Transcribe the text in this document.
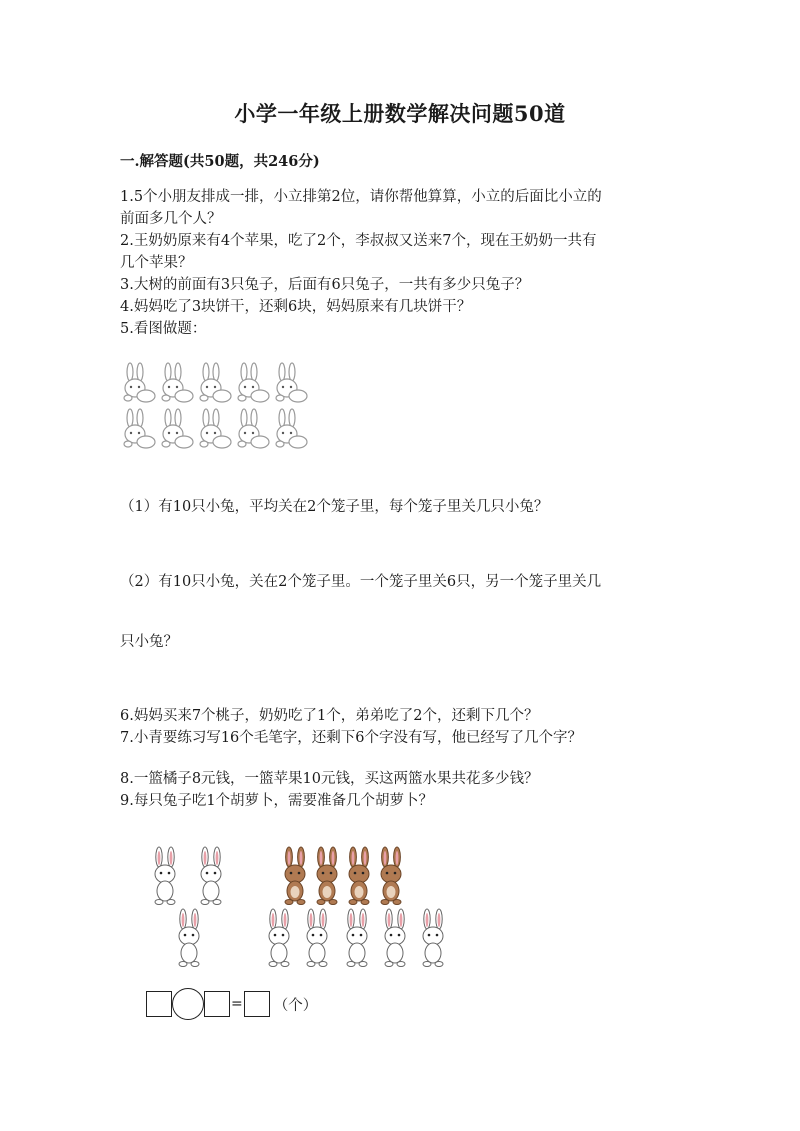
小学一年级上册数学解决问题50道
一.解答题(共50题，共246分)
1.5个小朋友排成一排，小立排第2位，请你帮他算算，小立的后面比小立的
前面多几个人？
2.王奶奶原来有4个苹果，吃了2个，李叔叔又送来7个，现在王奶奶一共有
几个苹果？
3.大树的前面有3只兔子，后面有6只兔子，一共有多少只兔子？
4.妈妈吃了3块饼干，还剩6块，妈妈原来有几块饼干？
5.看图做题：
（1）有10只小兔，平均关在2个笼子里，每个笼子里关几只小兔？
（2）有10只小兔，关在2个笼子里。一个笼子里关6只，另一个笼子里关几
只小兔？
6.妈妈买来7个桃子，奶奶吃了1个，弟弟吃了2个，还剩下几个？
7.小青要练习写16个毛笔字，还剩下6个字没有写，他已经写了几个字？
8.一篮橘子8元钱，一篮苹果10元钱，买这两篮水果共花多少钱？
9.每只兔子吃1个胡萝卜，需要准备几个胡萝卜？
= （个）
